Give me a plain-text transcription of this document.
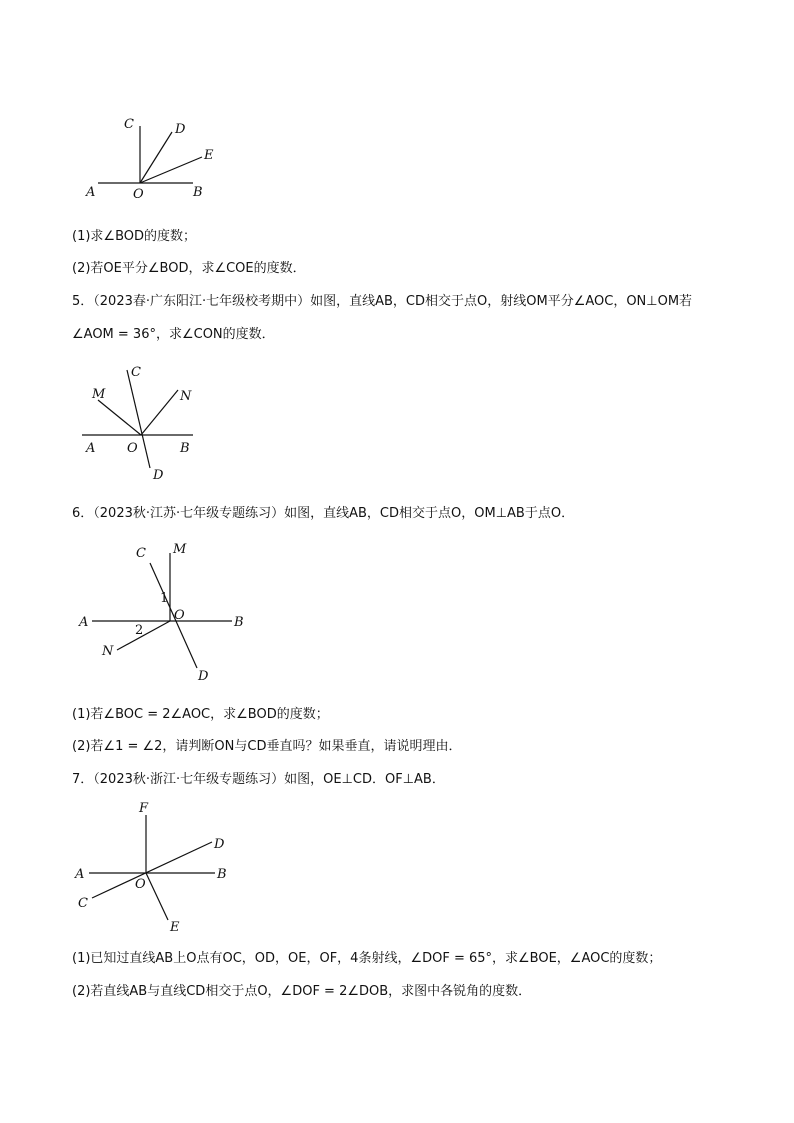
C	D
E
A	O	B
(1)求∠BOD的度数；
(2)若OE平分∠BOD，求∠COE的度数．
5．（2023春·广东阳江·七年级校考期中）如图，直线AB，CD相交于点O，射线OM平分∠AOC，ON⊥OM若
∠AOM = 36°，求∠CON的度数．
C
M	N
A O	B
D
6．（2023秋·江苏·七年级专题练习）如图，直线AB，CD相交于点O，OM⊥AB于点O．
C M
1
O
A	B
2
N
D
(1)若∠BOC = 2∠AOC，求∠BOD的度数；
(2)若∠1 = ∠2，请判断ON与CD垂直吗？如果垂直，请说明理由．
7．（2023秋·浙江·七年级专题练习）如图，OE⊥CD．OF⊥AB．
F
D
A
O
B
C
E
(1)已知过直线AB上O点有OC，OD，OE，OF，4条射线，∠DOF = 65°，求∠BOE，∠AOC的度数；
(2)若直线AB与直线CD相交于点O，∠DOF = 2∠DOB，求图中各锐角的度数．
